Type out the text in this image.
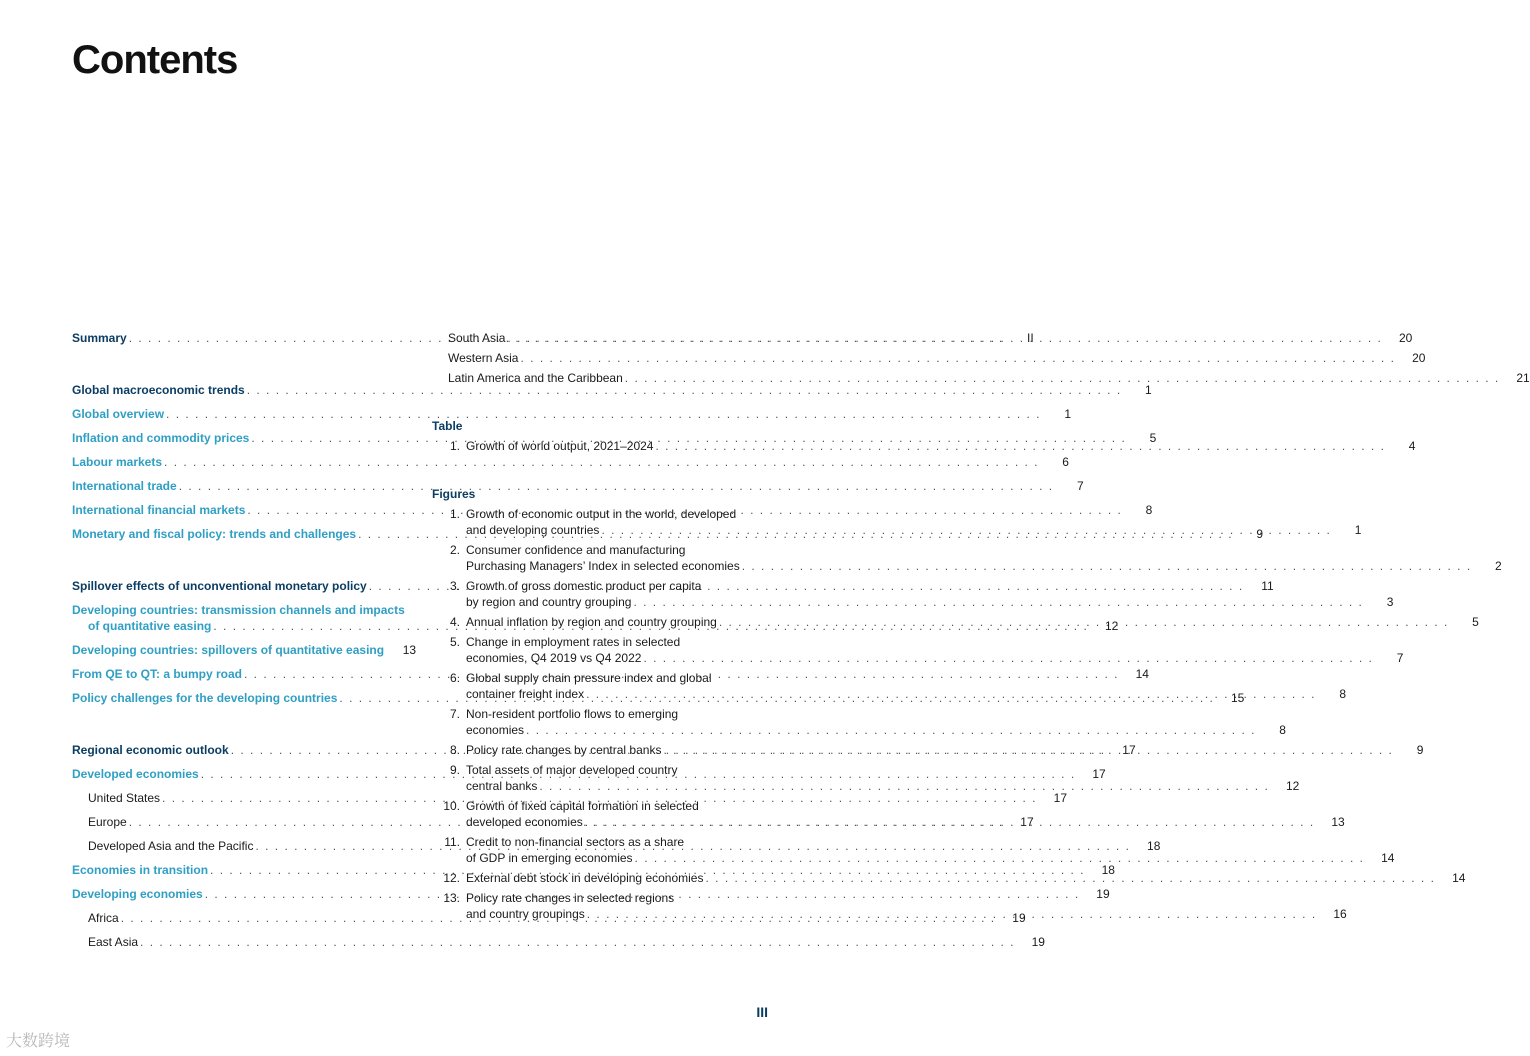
Contents
Summary . . .	II
Global macroeconomic trends . . .	1
Global overview . . .	1
Inflation and commodity prices . . .	5
Labour markets . . .	6
International trade . . .	7
International financial markets . . .	8
Monetary and fiscal policy: trends and challenges . . .	9
Spillover effects of unconventional monetary policy . . .	11
Developing countries: transmission channels and impacts
of quantitative easing . . .	12
Developing countries: spillovers of quantitative easing	13
From QE to QT: a bumpy road . . .	14
Policy challenges for the developing countries . . .	15
Regional economic outlook . . .	17
Developed economies . . .	17
United States . . .	17
Europe . . .	17
Developed Asia and the Pacific . . .	18
Economies in transition . . .	18
Developing economies . . .	19
Africa . . .	19
East Asia . . .	19
South Asia . . .	20
Western Asia . . .	20
Latin America and the Caribbean . . .	21
Table
1. Growth of world output, 2021–2024 . . .	4
Figures
1. Growth of economic output in the world, developed
and developing countries . . .	1
2. Consumer confidence and manufacturing
Purchasing Managers’ Index in selected economies . . .	2
3. Growth of gross domestic product per capita
by region and country grouping . . .	3
4. Annual inflation by region and country grouping . . .	5
5. Change in employment rates in selected
economies, Q4 2019 vs Q4 2022 . . .	7
6. Global supply chain pressure index and global
container freight index . . .	8
7. Non-resident portfolio flows to emerging
economies . . .	8
8. Policy rate changes by central banks . . .	9
9. Total assets of major developed country
central banks . . .	12
10. Growth of fixed capital formation in selected
developed economies . . .	13
11. Credit to non-financial sectors as a share
of GDP in emerging economies . . .	14
12. External debt stock in developing economies . . .	14
13. Policy rate changes in selected regions
and country groupings . . .	16
III
大数跨境
